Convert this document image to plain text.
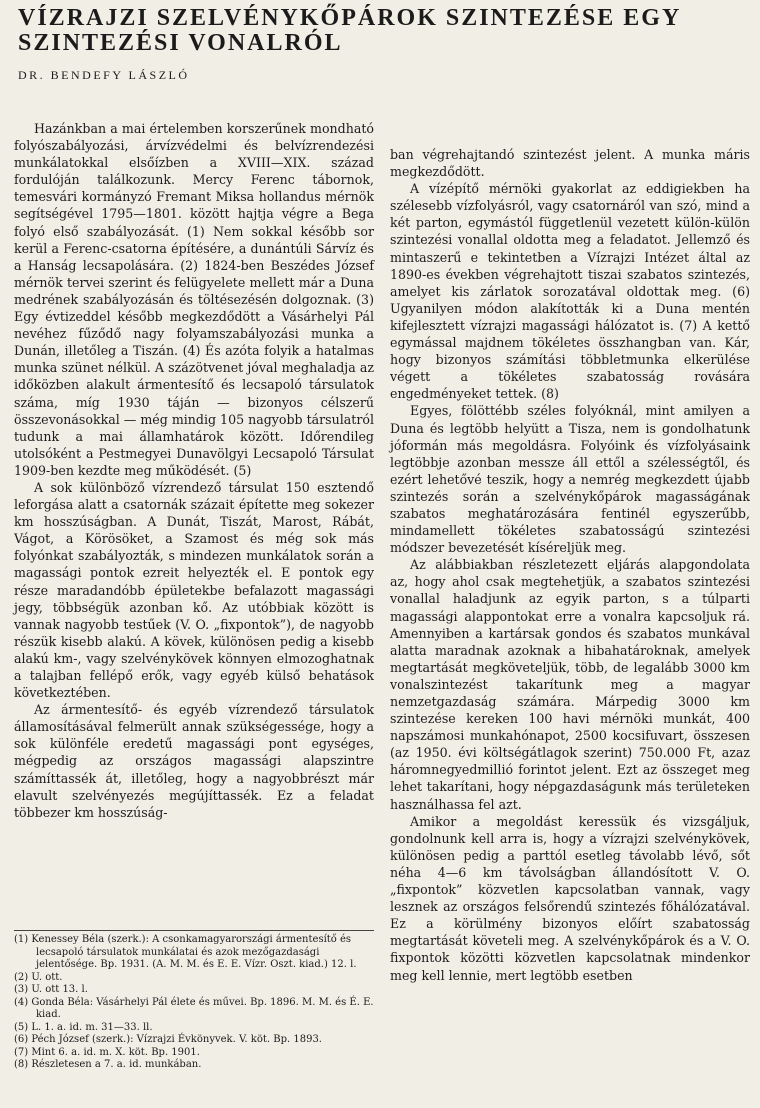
VÍZRAJZI SZELVÉNYKŐPÁROK SZINTEZÉSE EGY SZINTEZÉSI VONALRÓL

DR. BENDEFY LÁSZLÓ

Hazánkban a mai értelemben korszerűnek mondható folyószabályozási, árvízvédelmi és belvízrendezési munkálatokkal elsőízben a XVIII—XIX. század fordulóján találkozunk. Mercy Ferenc tábornok, temesvári kormányzó Fremant Miksa hollandus mérnök segítségével 1795—1801. között hajtja végre a Bega folyó első szabályozását. (1) Nem sokkal később sor kerül a Ferenc-csatorna építésére, a dunántúli Sárvíz és a Hanság lecsapolására. (2) 1824-ben Beszédes József mérnök tervei szerint és felügyelete mellett már a Duna medrének szabályozásán és töltésezésén dolgoznak. (3) Egy évtizeddel később megkezdődött a Vásárhelyi Pál nevéhez fűződő nagy folyamszabályozási munka a Dunán, illetőleg a Tiszán. (4) És azóta folyik a hatalmas munka szünet nélkül. A százötvenet jóval meghaladja az időközben alakult ármentesítő és lecsapoló társulatok száma, míg 1930 táján — bizonyos célszerű összevonásokkal — még mindig 105 nagyobb társulatról tudunk a mai államhatárok között. Időrendileg utolsóként a Pestmegyei Dunavölgyi Lecsapoló Társulat 1909-ben kezdte meg működését. (5)

A sok különböző vízrendező társulat 150 esztendő leforgása alatt a csatornák százait építette meg sokezer km hosszúságban. A Dunát, Tiszát, Marost, Rábát, Vágot, a Körösöket, a Szamost és még sok más folyónkat szabályozták, s mindezen munkálatok során a magassági pontok ezreit helyezték el. E pontok egy része maradandóbb épületekbe befalazott magassági jegy, többségük azonban kő. Az utóbbiak között is vannak nagyobb testűek (V. O. „fixpontok”), de nagyobb részük kisebb alakú. A kövek, különösen pedig a kisebb alakú km-, vagy szelvénykövek könnyen elmozoghatnak a talajban fellépő erők, vagy egyéb külső behatások következtében.

Az ármentesítő- és egyéb vízrendező társulatok államosításával felmerült annak szükségessége, hogy a sok különféle eredetű magassági pont egységes, mégpedig az országos magassági alapszintre számíttassék át, illetőleg, hogy a nagyobbrészt már elavult szelvényezés megújíttassék. Ez a feladat többezer km hosszúság-

(1) Kenessey Béla (szerk.): A csonkamagyarországi ármentesítő és lecsapoló társulatok munkálatai és azok mezőgazdasági jelentősége. Bp. 1931. (A. M. M. és E. E. Vízr. Oszt. kiad.) 12. l.
(2) U. ott.
(3) U. ott 13. l.
(4) Gonda Béla: Vásárhelyi Pál élete és művei. Bp. 1896. M. M. és É. E. kiad.
(5) L. 1. a. id. m. 31—33. ll.
(6) Péch József (szerk.): Vízrajzi Évkönyvek. V. köt. Bp. 1893.
(7) Mint 6. a. id. m. X. köt. Bp. 1901.
(8) Részletesen a 7. a. id. munkában.

ban végrehajtandó szintezést jelent. A munka máris megkezdődött.

A vízépítő mérnöki gyakorlat az eddigiekben ha szélesebb vízfolyásról, vagy csatornáról van szó, mind a két parton, egymástól függetlenül vezetett külön-külön szintezési vonallal oldotta meg a feladatot. Jellemző és mintaszerű e tekintetben a Vízrajzi Intézet által az 1890-es években végrehajtott tiszai szabatos szintezés, amelyet kis zárlatok sorozatával oldottak meg. (6) Ugyanilyen módon alakították ki a Duna mentén kifejlesztett vízrajzi magassági hálózatot is. (7) A kettő egymással majdnem tökéletes összhangban van. Kár, hogy bizonyos számítási többletmunka elkerülése végett a tökéletes szabatosság rovására engedményeket tettek. (8)

Egyes, fölöttébb széles folyóknál, mint amilyen a Duna és legtöbb helyütt a Tisza, nem is gondolhatunk jóformán más megoldásra. Folyóink és vízfolyásaink legtöbbje azonban messze áll ettől a szélességtől, és ezért lehetővé teszik, hogy a nemrég megkezdett újabb szintezés során a szelvénykőpárok magasságának szabatos meghatározására fentinél egyszerűbb, mindamellett tökéletes szabatosságú szintezési módszer bevezetését kíséreljük meg.

Az alábbiakban részletezett eljárás alapgondolata az, hogy ahol csak megtehetjük, a szabatos szintezési vonallal haladjunk az egyik parton, s a túlparti magassági alappontokat erre a vonalra kapcsoljuk rá. Amennyiben a kartársak gondos és szabatos munkával alatta maradnak azoknak a hibahatároknak, amelyek megtartását megköveteljük, több, de legalább 3000 km vonalszintezést takarítunk meg a magyar nemzetgazdaság számára. Márpedig 3000 km szintezése kereken 100 havi mérnöki munkát, 400 napszámosi munkahónapot, 2500 kocsifuvart, összesen (az 1950. évi költségátlagok szerint) 750.000 Ft, azaz háromnegyedmillió forintot jelent. Ezt az összeget meg lehet takarítani, hogy népgazdaságunk más területeken használhassa fel azt.

Amikor a megoldást keressük és vizsgáljuk, gondolnunk kell arra is, hogy a vízrajzi szelvénykövek, különösen pedig a parttól esetleg távolabb lévő, sőt néha 4—6 km távolságban állandósított V. O. „fixpontok” közvetlen kapcsolatban vannak, vagy lesznek az országos felsőrendű szintezés főhálózatával. Ez a körülmény bizonyos előírt szabatosság megtartását követeli meg. A szelvénykőpárok és a V. O. fixpontok közötti közvetlen kapcsolatnak mindenkor meg kell lennie, mert legtöbb esetben
